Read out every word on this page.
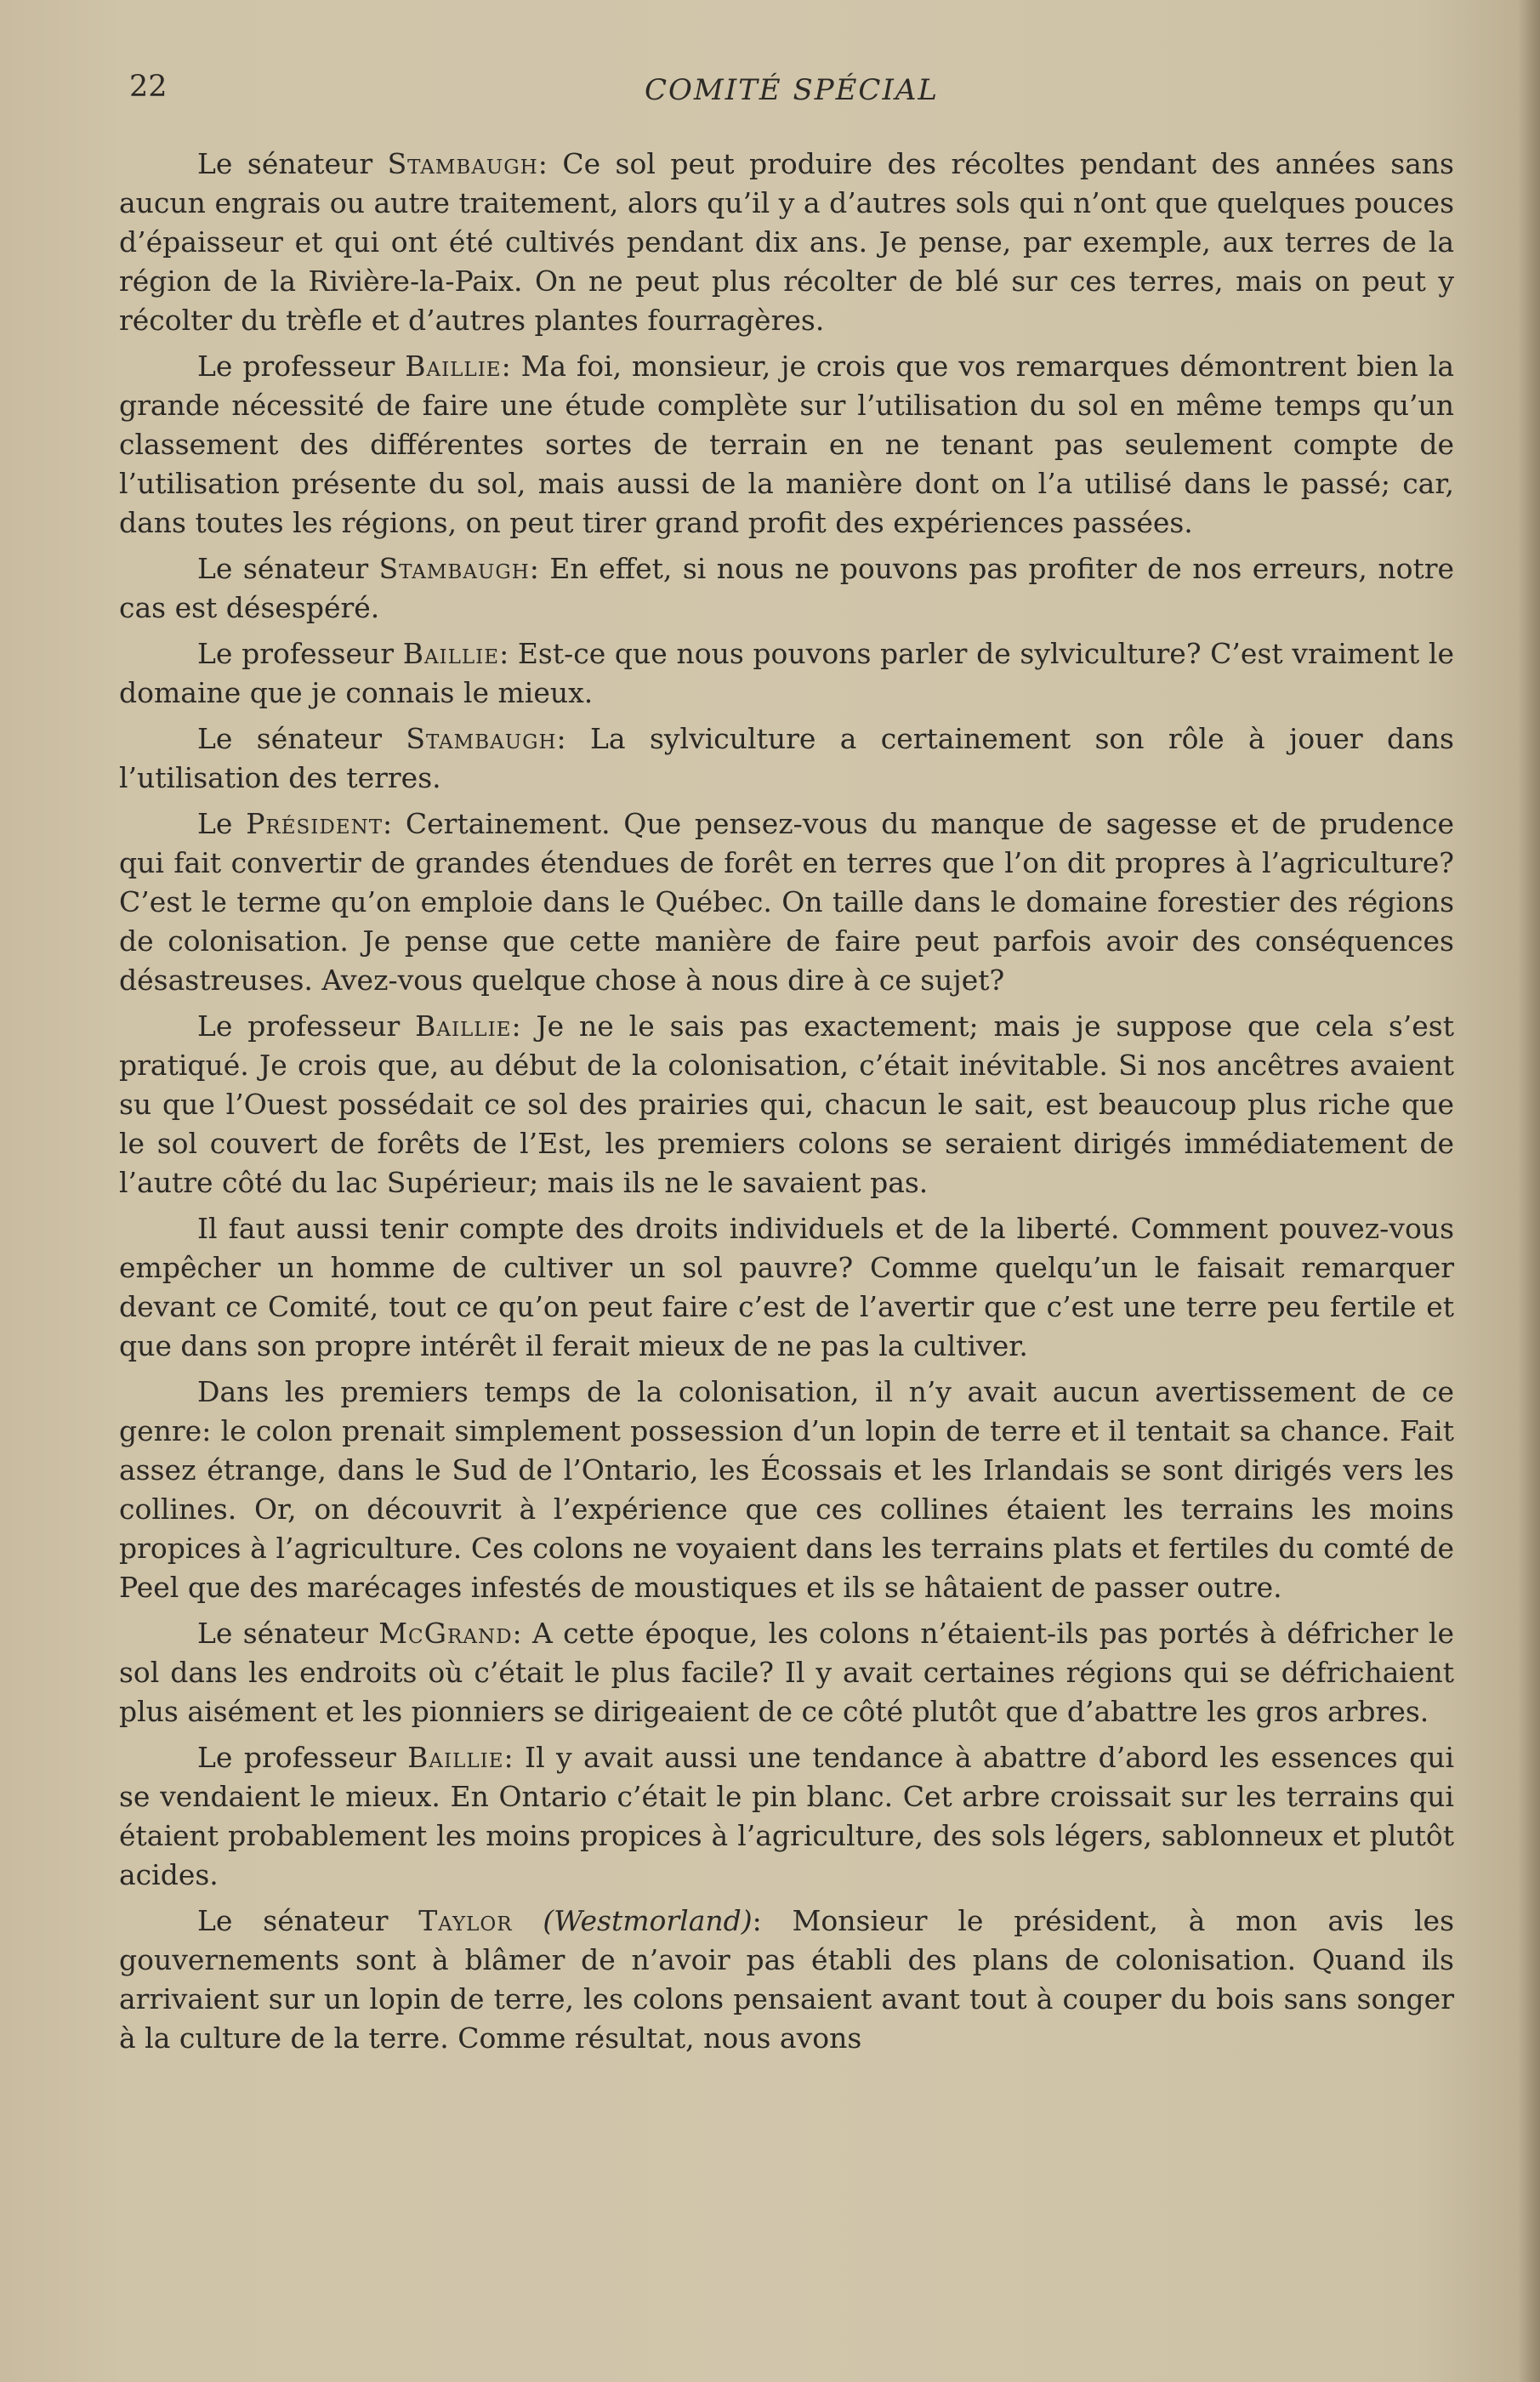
22	COMITÉ SPÉCIAL

Le sénateur Stambaugh: Ce sol peut produire des récoltes pendant des années sans aucun engrais ou autre traitement, alors qu’il y a d’autres sols qui n’ont que quelques pouces d’épaisseur et qui ont été cultivés pendant dix ans. Je pense, par exemple, aux terres de la région de la Rivière-la-Paix. On ne peut plus récolter de blé sur ces terres, mais on peut y récolter du trèfle et d’autres plantes fourragères.

Le professeur Baillie: Ma foi, monsieur, je crois que vos remarques démontrent bien la grande nécessité de faire une étude complète sur l’utilisation du sol en même temps qu’un classement des différentes sortes de terrain en ne tenant pas seulement compte de l’utilisation présente du sol, mais aussi de la manière dont on l’a utilisé dans le passé; car, dans toutes les régions, on peut tirer grand profit des expériences passées.

Le sénateur Stambaugh: En effet, si nous ne pouvons pas profiter de nos erreurs, notre cas est désespéré.

Le professeur Baillie: Est-ce que nous pouvons parler de sylviculture? C’est vraiment le domaine que je connais le mieux.

Le sénateur Stambaugh: La sylviculture a certainement son rôle à jouer dans l’utilisation des terres.

Le Président: Certainement. Que pensez-vous du manque de sagesse et de prudence qui fait convertir de grandes étendues de forêt en terres que l’on dit propres à l’agriculture? C’est le terme qu’on emploie dans le Québec. On taille dans le domaine forestier des régions de colonisation. Je pense que cette manière de faire peut parfois avoir des conséquences désastreuses. Avez-vous quelque chose à nous dire à ce sujet?

Le professeur Baillie: Je ne le sais pas exactement; mais je suppose que cela s’est pratiqué. Je crois que, au début de la colonisation, c’était inévitable. Si nos ancêtres avaient su que l’Ouest possédait ce sol des prairies qui, chacun le sait, est beaucoup plus riche que le sol couvert de forêts de l’Est, les premiers colons se seraient dirigés immédiatement de l’autre côté du lac Supérieur; mais ils ne le savaient pas.

Il faut aussi tenir compte des droits individuels et de la liberté. Comment pouvez-vous empêcher un homme de cultiver un sol pauvre? Comme quelqu’un le faisait remarquer devant ce Comité, tout ce qu’on peut faire c’est de l’avertir que c’est une terre peu fertile et que dans son propre intérêt il ferait mieux de ne pas la cultiver.

Dans les premiers temps de la colonisation, il n’y avait aucun avertissement de ce genre: le colon prenait simplement possession d’un lopin de terre et il tentait sa chance. Fait assez étrange, dans le Sud de l’Ontario, les Écossais et les Irlandais se sont dirigés vers les collines. Or, on découvrit à l’expérience que ces collines étaient les terrains les moins propices à l’agriculture. Ces colons ne voyaient dans les terrains plats et fertiles du comté de Peel que des marécages infestés de moustiques et ils se hâtaient de passer outre.

Le sénateur McGrand: A cette époque, les colons n’étaient-ils pas portés à défricher le sol dans les endroits où c’était le plus facile? Il y avait certaines régions qui se défrichaient plus aisément et les pionniers se dirigeaient de ce côté plutôt que d’abattre les gros arbres.

Le professeur Baillie: Il y avait aussi une tendance à abattre d’abord les essences qui se vendaient le mieux. En Ontario c’était le pin blanc. Cet arbre croissait sur les terrains qui étaient probablement les moins propices à l’agriculture, des sols légers, sablonneux et plutôt acides.

Le sénateur Taylor (Westmorland): Monsieur le président, à mon avis les gouvernements sont à blâmer de n’avoir pas établi des plans de colonisation. Quand ils arrivaient sur un lopin de terre, les colons pensaient avant tout à couper du bois sans songer à la culture de la terre. Comme résultat, nous avons
